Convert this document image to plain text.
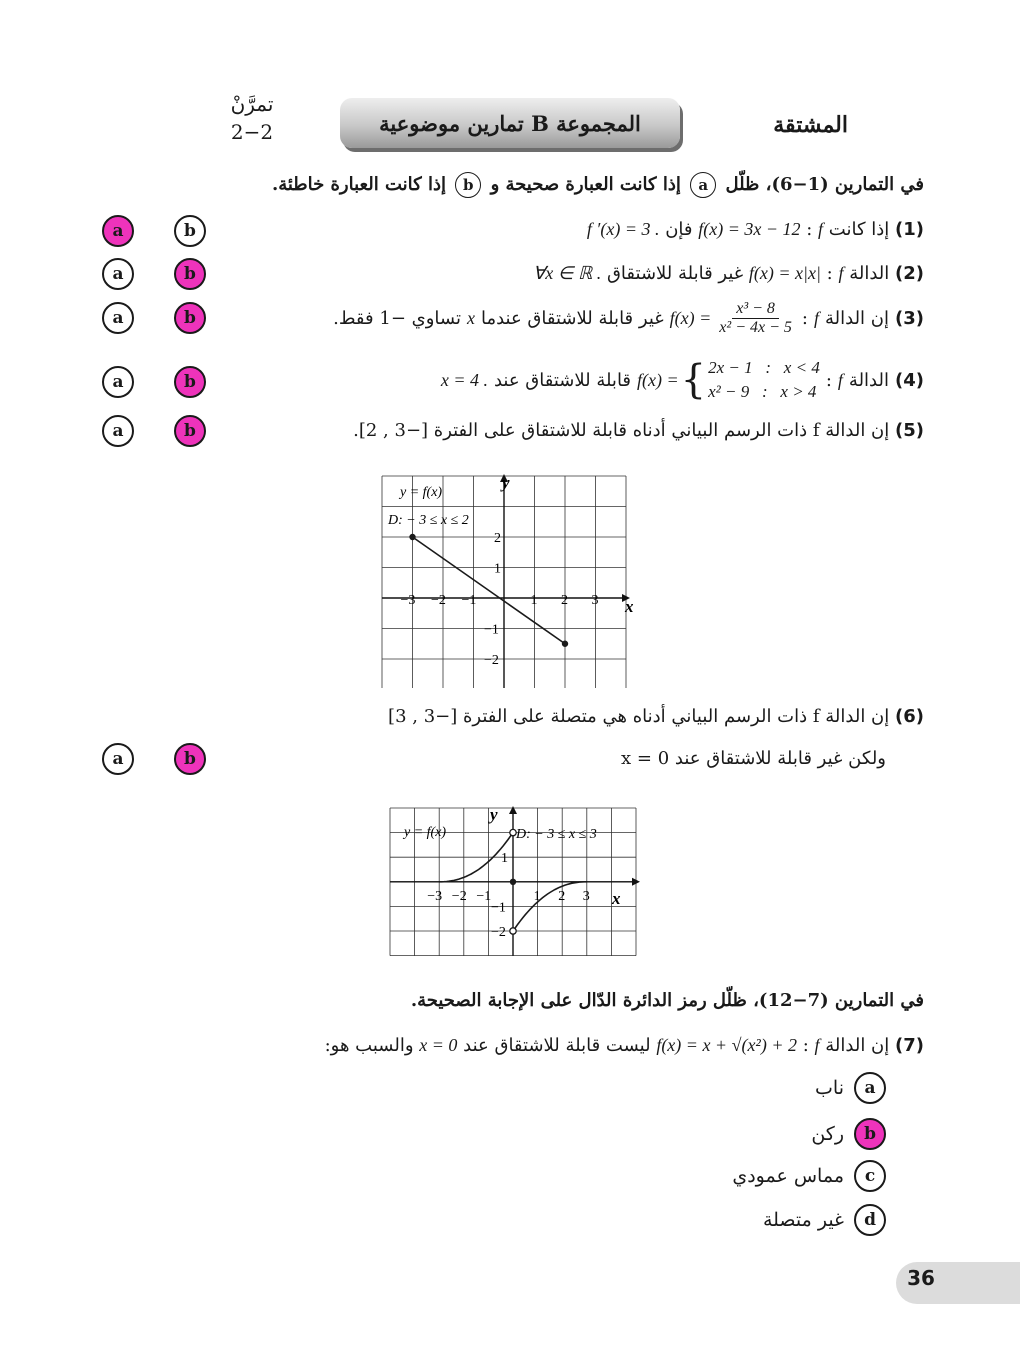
تمرَّنْ
2−2	المجموعة B تمارين موضوعية	المشتقة
في التمارين (1−6)، ظلّل a إذا كانت العبارة صحيحة و b إذا كانت العبارة خاطئة.
(1) إذا كانت f : f(x) = 3x − 12 فإن f ′(x) = 3 .
a	b
(2) الدالة f : f(x) = x|x| غير قابلة للاشتقاق ∀x ∈ ℝ .
a	b
(3)
إن الدالة
f
:
$f(x) = \frac{\text{x³ − 8}}{\text{x² − 4x − 5}}$
غير قابلة للاشتقاق عندما
x
تساوي −1 فقط.
a	b
(4)
الدالة
f
:
f(x) = { 2x − 1   :   x < 4
x² − 9   :   x > 4
قابلة للاشتقاق عند
x = 4 .
a	b
(5) إن الدالة f ذات الرسم البياني أدناه قابلة للاشتقاق على الفترة [−3 , 2].
a	b
y = f(x)
D: − 3 ≤ x ≤ 2
y
x
−3 −2 −1	1 2 3
2
1
−1
−2
(6) إن الدالة f ذات الرسم البياني أدناه هي متصلة على الفترة [−3 , 3]
ولكن غير قابلة للاشتقاق عند x = 0
a	b
y = f(x)	D: − 3 ≤ x ≤ 3
y
x
−3 −2 −1	1 2 3
1
−1
−2
في التمارين (7−12)، ظلّل رمز الدائرة الدّال على الإجابة الصحيحة.
(7) إن الدالة f : f(x) = x + √(x²) + 2 ليست قابلة للاشتقاق عند x = 0 والسبب هو:
a
ناب
b
ركن
c
مماس عمودي
d
غير متصلة
36
